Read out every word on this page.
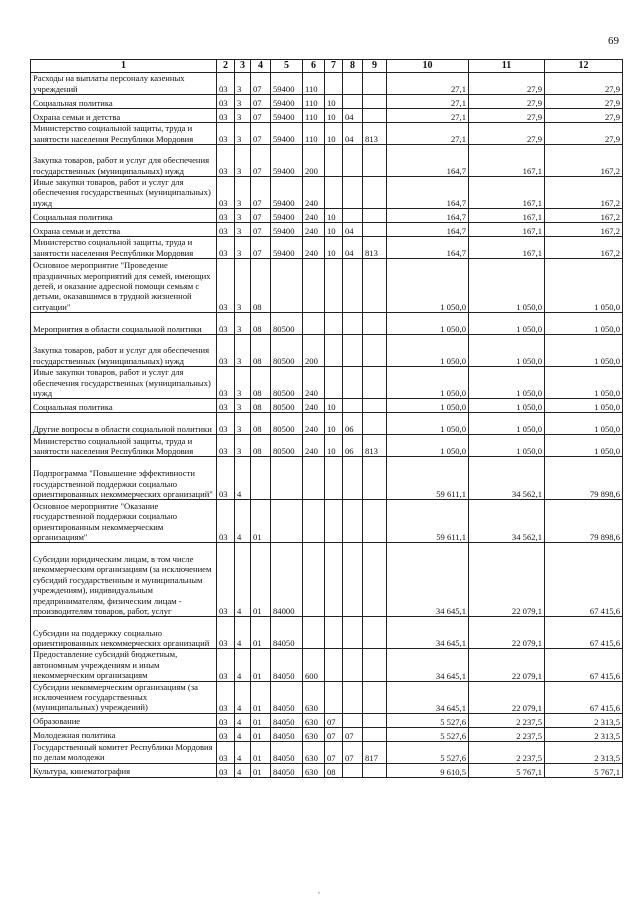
69
1	2	3	4	5	6	7	8	9	10	11	12
Расходы на выплаты персоналу казенных учреждений	03	3	07	59400	110				27,1	27,9	27,9
Социальная политика	03	3	07	59400	110	10			27,1	27,9	27,9
Охрана семьи и детства	03	3	07	59400	110	10	04		27,1	27,9	27,9
Министерство социальной защиты, труда и занятости населения Республики Мордовия	03	3	07	59400	110	10	04	813	27,1	27,9	27,9
Закупка товаров, работ и услуг для обеспечения государственных (муниципальных) нужд	03	3	07	59400	200				164,7	167,1	167,2
Иные закупки товаров, работ и услуг для обеспечения государственных (муниципальных) нужд	03	3	07	59400	240				164,7	167,1	167,2
Социальная политика	03	3	07	59400	240	10			164,7	167,1	167,2
Охрана семьи и детства	03	3	07	59400	240	10	04		164,7	167,1	167,2
Министерство социальной защиты, труда и занятости населения Республики Мордовия	03	3	07	59400	240	10	04	813	164,7	167,1	167,2
Основное мероприятие "Проведение праздничных мероприятий для семей, имеющих детей, и оказание адресной помощи семьям с детьми, оказавшимся в трудной жизненной ситуации"	03	3	08						1 050,0	1 050,0	1 050,0
Мероприятия в области социальной политики	03	3	08	80500					1 050,0	1 050,0	1 050,0
Закупка товаров, работ и услуг для обеспечения государственных (муниципальных) нужд	03	3	08	80500	200				1 050,0	1 050,0	1 050,0
Иные закупки товаров, работ и услуг для обеспечения государственных (муниципальных) нужд	03	3	08	80500	240				1 050,0	1 050,0	1 050,0
Социальная политика	03	3	08	80500	240	10			1 050,0	1 050,0	1 050,0
Другие вопросы в области социальной политики	03	3	08	80500	240	10	06		1 050,0	1 050,0	1 050,0
Министерство социальной защиты, труда и занятости населения Республики Мордовия	03	3	08	80500	240	10	06	813	1 050,0	1 050,0	1 050,0
Подпрограмма "Повышение эффективности государственной поддержки социально ориентированных некоммерческих организаций"	03	4							59 611,1	34 562,1	79 898,6
Основное мероприятие "Оказание государственной поддержки социально ориентированным некоммерческим организациям"	03	4	01						59 611,1	34 562,1	79 898,6
Субсидии юридическим лицам, в том числе некоммерческим организациям (за исключением субсидий государственным и муниципальным учреждениям), индивидуальным предпринимателям, физическим лицам - производителям товаров, работ, услуг	03	4	01	84000					34 645,1	22 079,1	67 415,6
Субсидии на поддержку социально ориентированных некоммерческих организаций	03	4	01	84050					34 645,1	22 079,1	67 415,6
Предоставление субсидий бюджетным, автономным учреждениям и иным некоммерческим организациям	03	4	01	84050	600				34 645,1	22 079,1	67 415,6
Субсидии некоммерческим организациям (за исключением государственных (муниципальных) учреждений)	03	4	01	84050	630				34 645,1	22 079,1	67 415,6
Образование	03	4	01	84050	630	07			5 527,6	2 237,5	2 313,5
Молодежная политика	03	4	01	84050	630	07	07		5 527,6	2 237,5	2 313,5
Государственный комитет Республики Мордовия по делам молодежи	03	4	01	84050	630	07	07	817	5 527,6	2 237,5	2 313,5
Культура, кинематография	03	4	01	84050	630	08			9 610,5	5 767,1	5 767,1
,
